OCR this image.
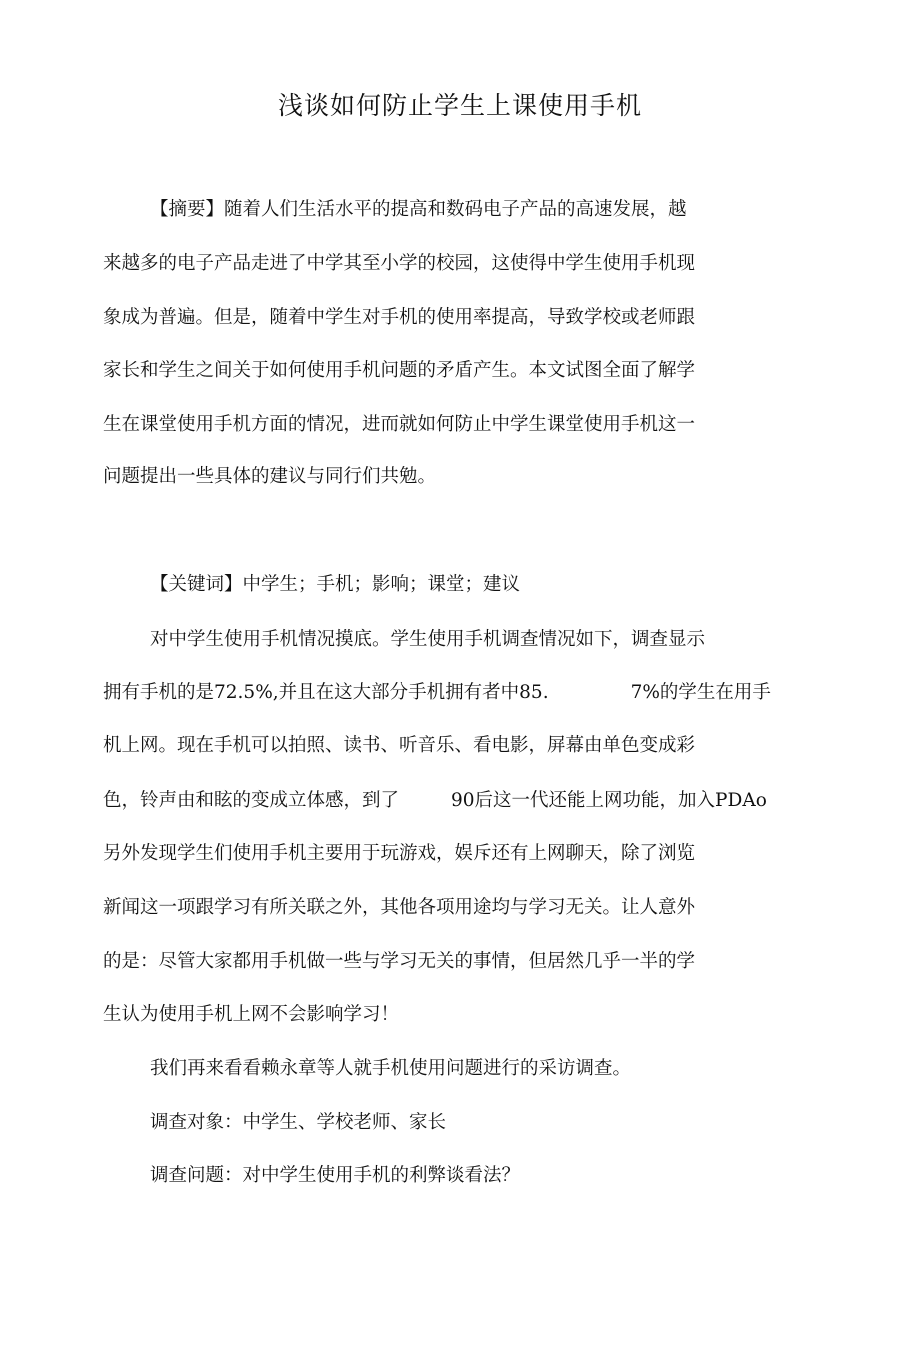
浅谈如何防止学生上课使用手机
【摘要】随着人们生活水平的提高和数码电子产品的高速发展，越
来越多的电子产品走进了中学其至小学的校园，这使得中学生使用手机现
象成为普遍。但是，随着中学生对手机的使用率提高，导致学校或老师跟
家长和学生之间关于如何使用手机问题的矛盾产生。本文试图全面了解学
生在课堂使用手机方面的情况，进而就如何防止中学生课堂使用手机这一
问题提出一些具体的建议与同行们共勉。
【关键词】中学生；手机；影响；课堂；建议
对中学生使用手机情况摸底。学生使用手机调查情况如下，调查显示
拥有手机的是72.5%,并且在这大部分手机拥有者中85.	7%的学生在用手
机上网。现在手机可以拍照、读书、听音乐、看电影，屏幕由单色变成彩
色，铃声由和眩的变成立体感，到了	90后这一代还能上网功能，加入PDAo
另外发现学生们使用手机主要用于玩游戏，娱斥还有上网聊天，除了浏览
新闻这一项跟学习有所关联之外，其他各项用途均与学习无关。让人意外
的是：尽管大家都用手机做一些与学习无关的事情，但居然几乎一半的学
生认为使用手机上网不会影响学习！
我们再来看看赖永章等人就手机使用问题进行的采访调查。
调查对象：中学生、学校老师、家长
调查问题：对中学生使用手机的利弊谈看法？
